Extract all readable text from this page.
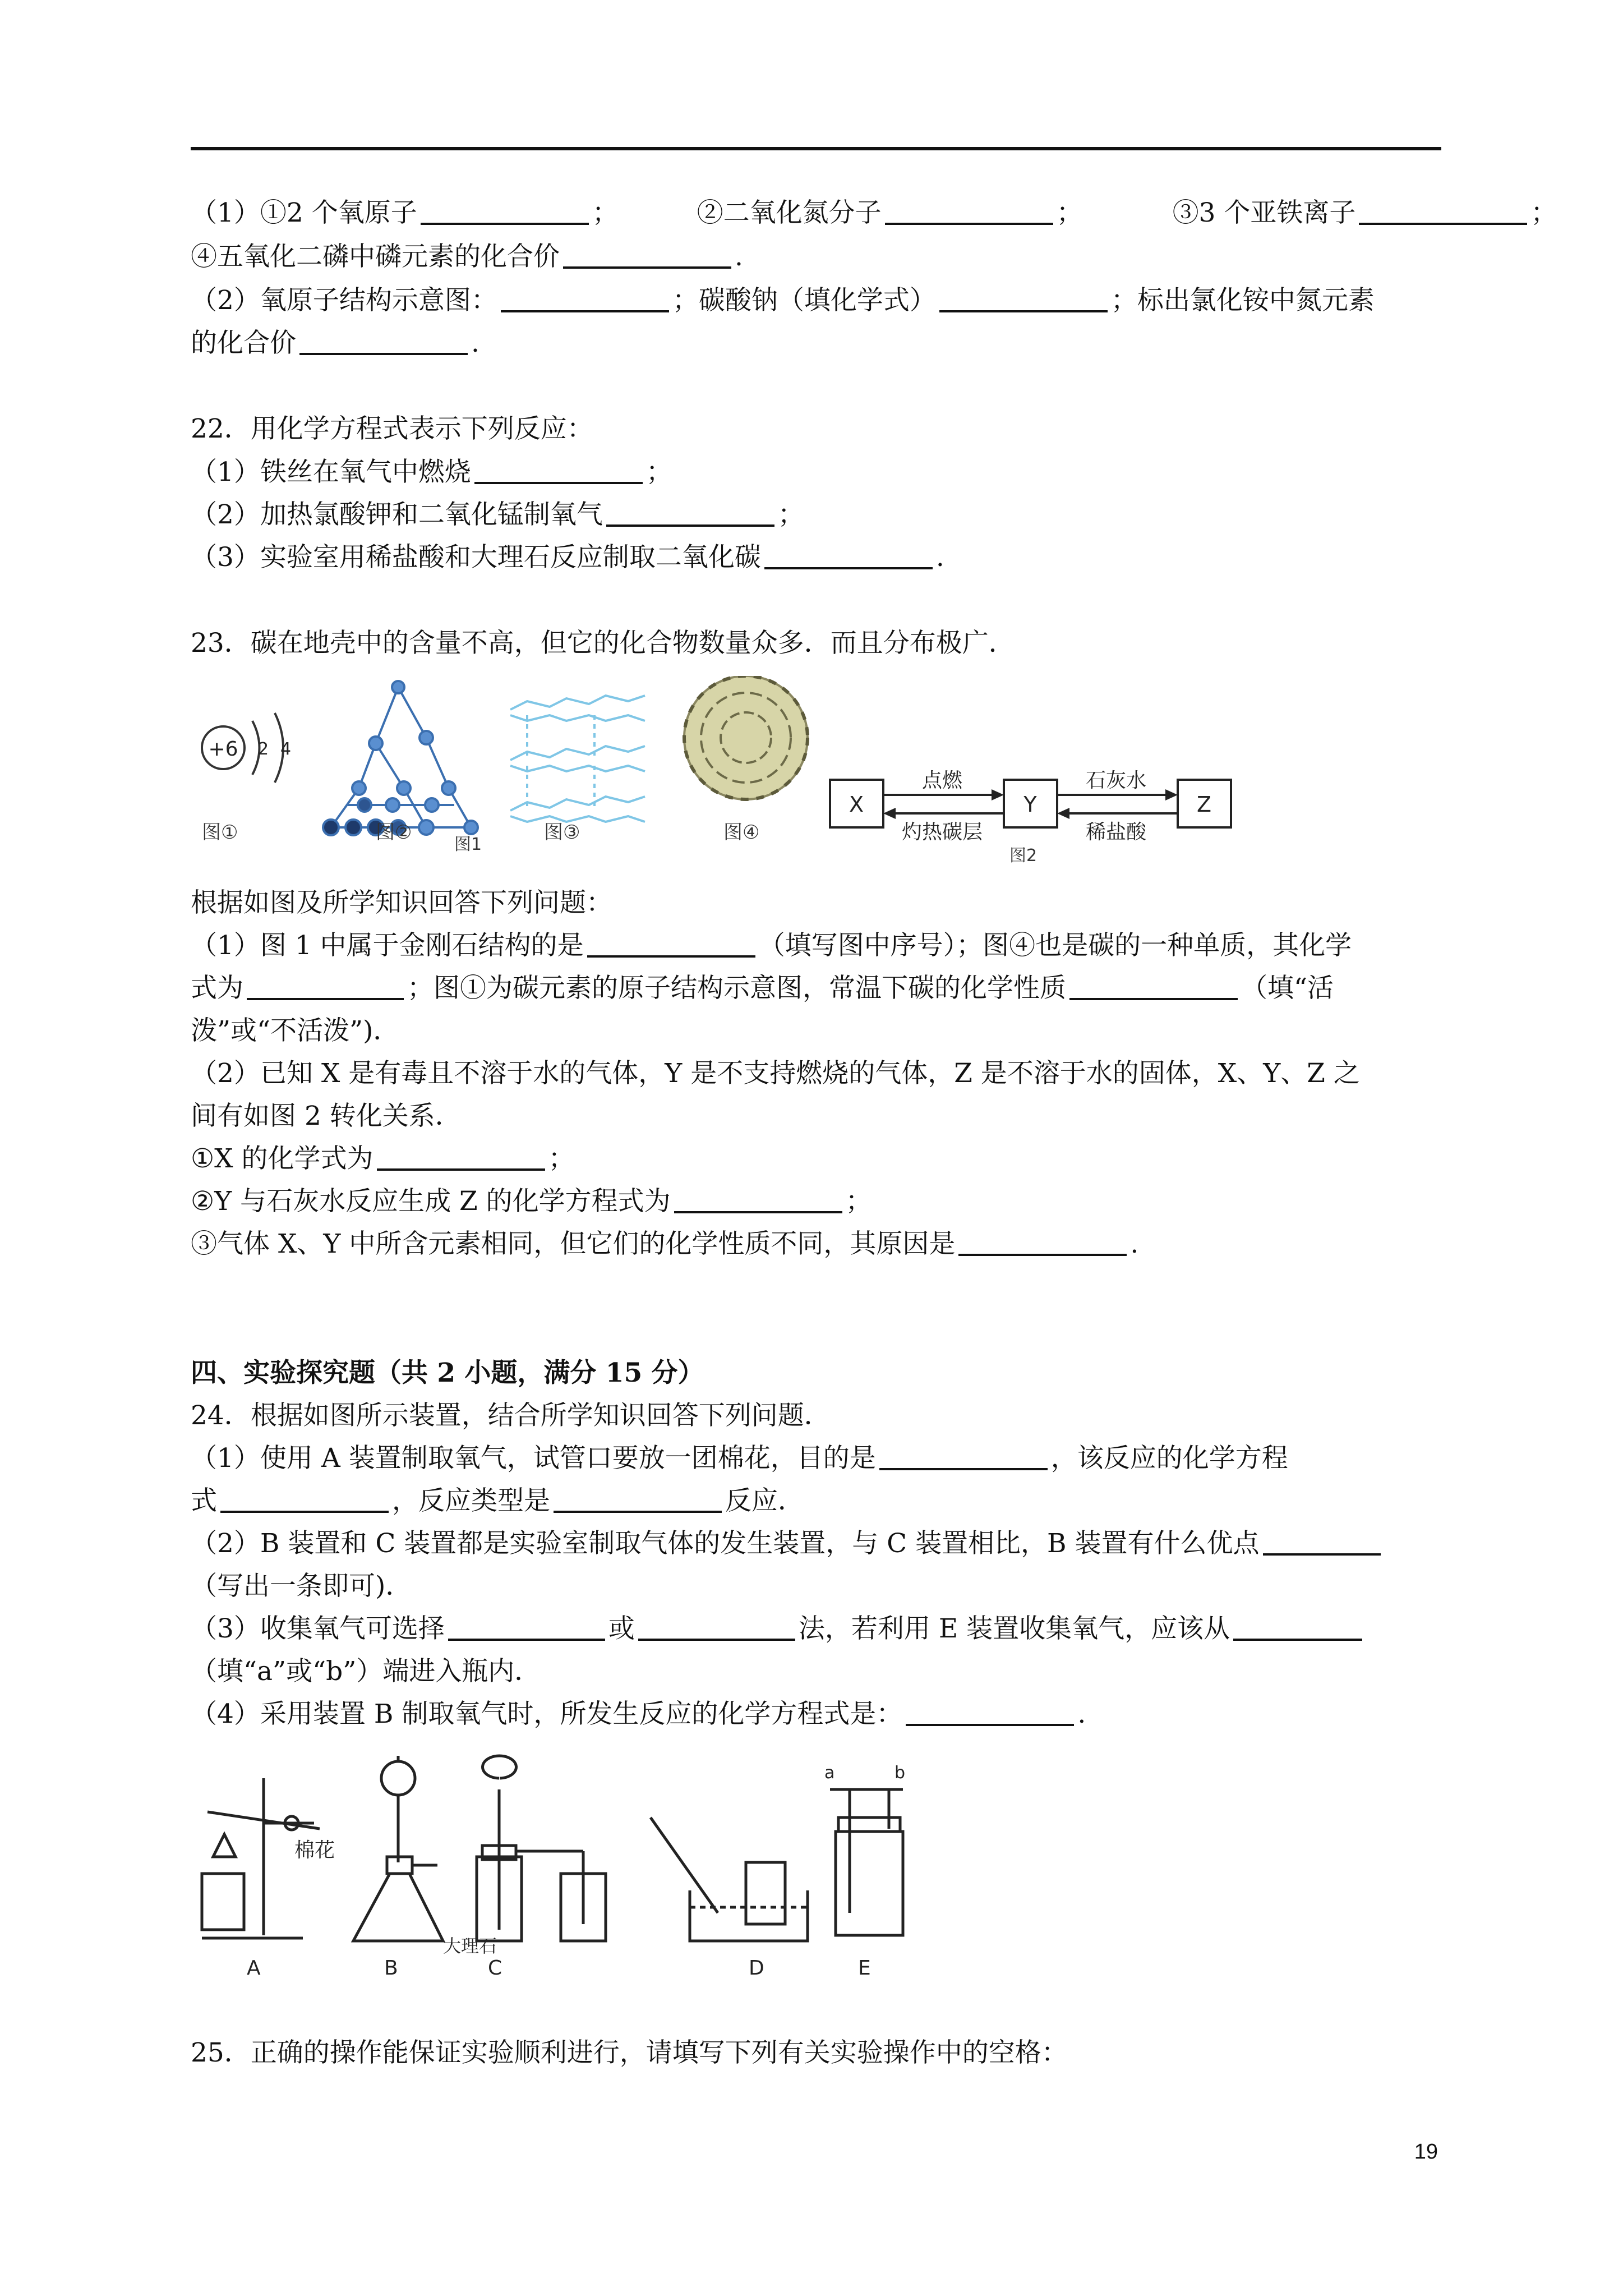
（1）①2 个氧原子	；	②二氧化氮分子	；	③3 个亚铁离子	；
④五氧化二磷中磷元素的化合价	.
（2）氧原子结构示意图：	；碳酸钠（填化学式）	；标出氯化铵中氮元素
的化合价	.
22．用化学方程式表示下列反应：
（1）铁丝在氧气中燃烧	；
（2）加热氯酸钾和二氧化锰制氧气	；
（3）实验室用稀盐酸和大理石反应制取二氧化碳	.
23．碳在地壳中的含量不高，但它的化合物数量众多．而且分布极广．
+6 2 4
图①	图②
图1
图③	图④
X	Y	Z
点燃
灼热碳层
石灰水
稀盐酸
图2
根据如图及所学知识回答下列问题：
（1）图 1 中属于金刚石结构的是	（填写图中序号）；图④也是碳的一种单质，其化学
式为	；图①为碳元素的原子结构示意图，常温下碳的化学性质	（填“活
泼”或“不活泼”)．
（2）已知 X 是有毒且不溶于水的气体，Y 是不支持燃烧的气体，Z 是不溶于水的固体，X、Y、Z 之
间有如图 2 转化关系．
①X 的化学式为	；
②Y 与石灰水反应生成 Z 的化学方程式为	；
③气体 X、Y 中所含元素相同，但它们的化学性质不同，其原因是	.
四、实验探究题（共 2 小题，满分 15 分）
24．根据如图所示装置，结合所学知识回答下列问题．
（1）使用 A 装置制取氧气，试管口要放一团棉花，目的是	，该反应的化学方程
式	，反应类型是	反应．
（2）B 装置和 C 装置都是实验室制取气体的发生装置，与 C 装置相比，B 装置有什么优点
（写出一条即可)．
（3）收集氧气可选择	或	法，若利用 E 装置收集氧气，应该从
（填“a”或“b”）端进入瓶内．
（4）采用装置 B 制取氧气时，所发生反应的化学方程式是：	.
棉花
A	B
大理石
C	D
a	b
E
25．正确的操作能保证实验顺利进行，请填写下列有关实验操作中的空格：
19
